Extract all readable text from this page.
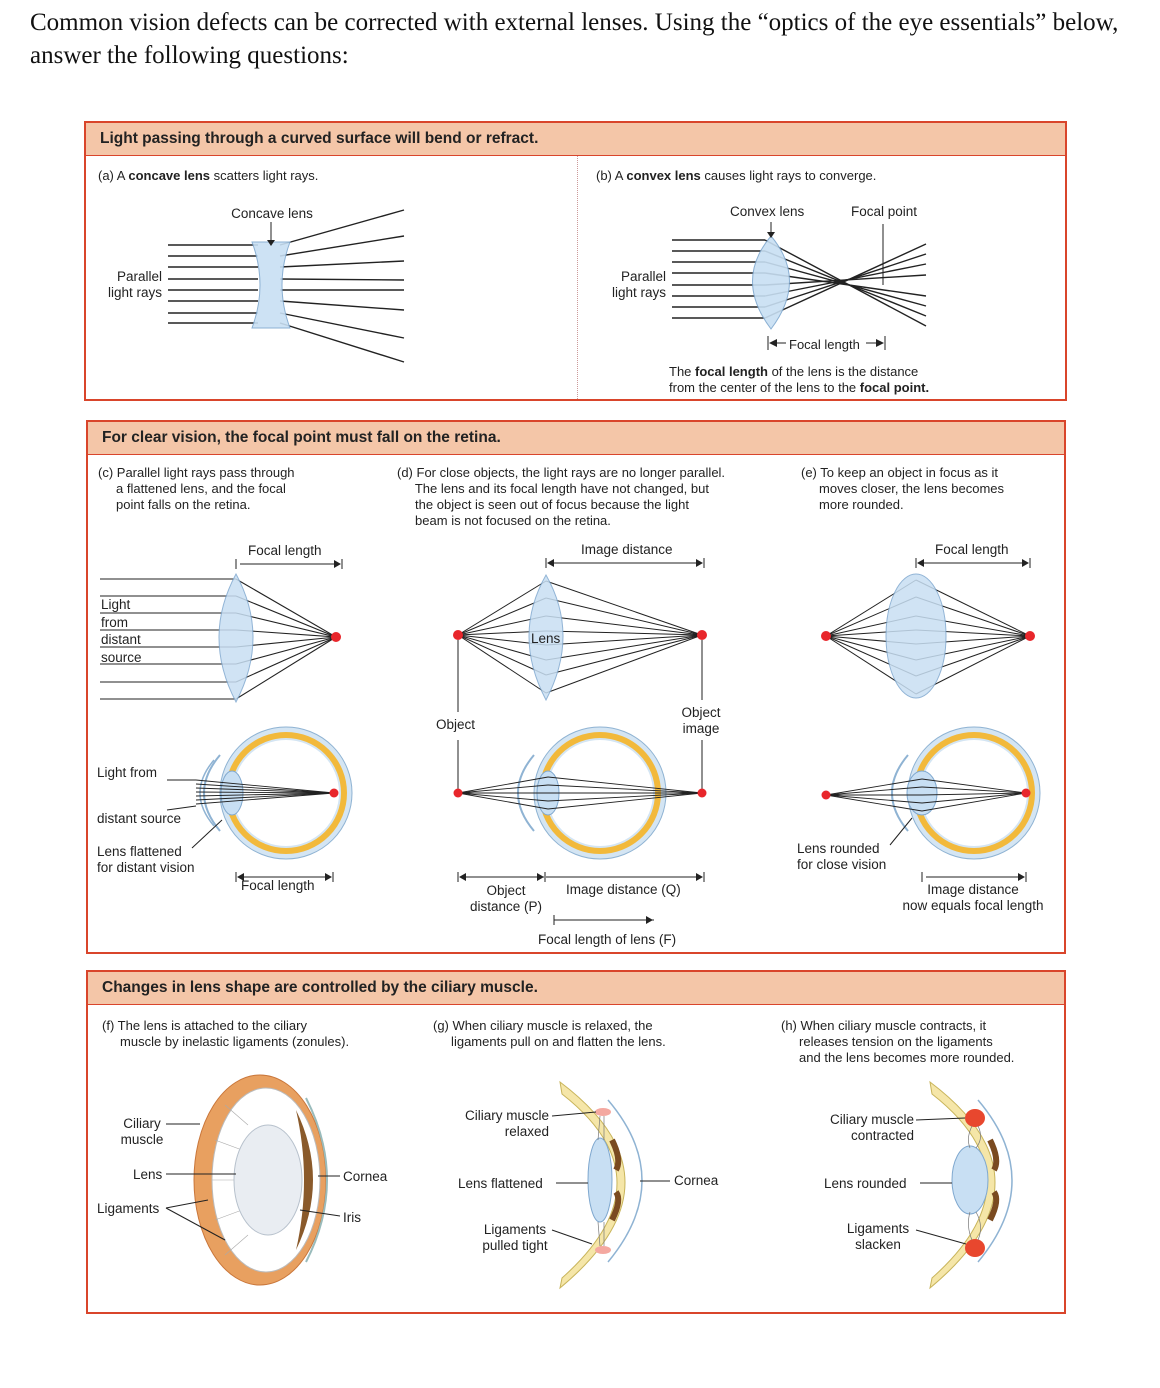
Common vision defects can be corrected with external lenses. Using the “optics of the eye essentials” below, answer the following questions:
Light passing through a curved surface will bend or refract.
(a) A concave lens scatters light rays.	(b) A convex lens causes light rays to converge.
Concave lens
Parallel
light rays
Convex lens	Focal point
Parallel
light rays
Focal length
The focal length of the lens is the distance
from the center of the lens to the focal point.
For clear vision, the focal point must fall on the retina.
(c) Parallel light rays pass through
a flattened lens, and the focal
point falls on the retina.
(d) For close objects, the light rays are no longer parallel.
The lens and its focal length have not changed, but
the object is seen out of focus because the light
beam is not focused on the retina.
(e) To keep an object in focus as it
moves closer, the lens becomes
more rounded.
Focal length
Light
from
distant
source
Light from
distant source
Lens flattened
for distant vision
Focal length
Image distance
Lens
Object
Object
image
Object
distance (P)
Image distance (Q)
Focal length of lens (F)
Focal length
Lens rounded
for close vision
Image distance
now equals focal length
Changes in lens shape are controlled by the ciliary muscle.
(f) The lens is attached to the ciliary
muscle by inelastic ligaments (zonules).
(g) When ciliary muscle is relaxed, the
ligaments pull on and flatten the lens.
(h) When ciliary muscle contracts, it
releases tension on the ligaments
and the lens becomes more rounded.
Ciliary
muscle
Lens
Ligaments
Cornea
Iris
Ciliary muscle
relaxed
Lens flattened	Cornea
Ligaments
pulled tight
Ciliary muscle
contracted
Lens rounded
Ligaments
slacken
